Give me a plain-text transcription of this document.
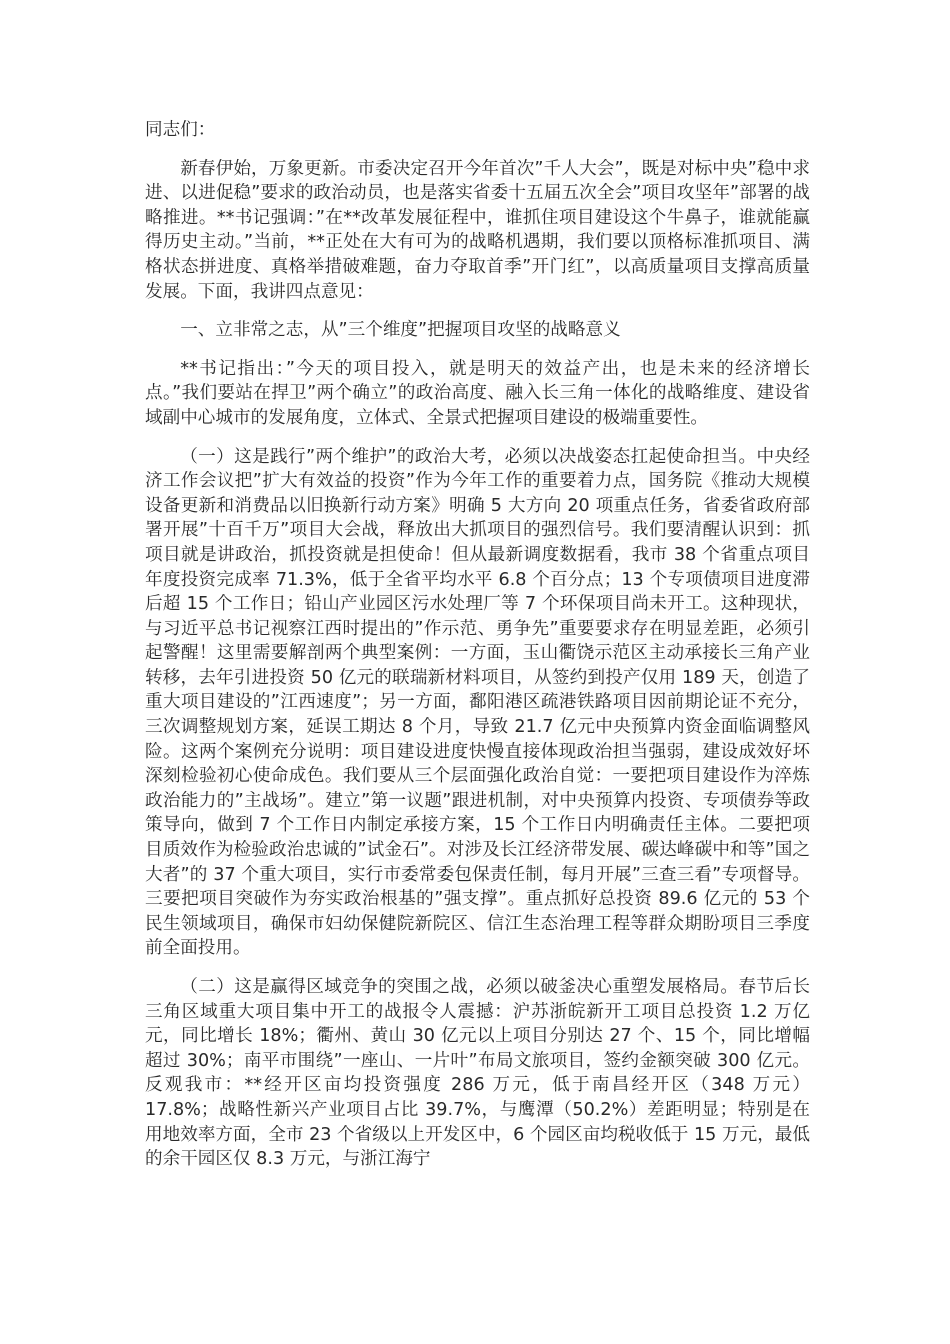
同志们：

新春伊始，万象更新。市委决定召开今年首次”千人大会”，既是对标中央”稳中求进、以进促稳”要求的政治动员，也是落实省委十五届五次全会”项目攻坚年”部署的战略推进。**书记强调：”在**改革发展征程中，谁抓住项目建设这个牛鼻子，谁就能赢得历史主动。”当前，**正处在大有可为的战略机遇期，我们要以顶格标准抓项目、满格状态拼进度、真格举措破难题，奋力夺取首季”开门红”，以高质量项目支撑高质量发展。下面，我讲四点意见：

一、立非常之志，从”三个维度”把握项目攻坚的战略意义

**书记指出：”今天的项目投入，就是明天的效益产出，也是未来的经济增长点。”我们要站在捍卫”两个确立”的政治高度、融入长三角一体化的战略维度、建设省域副中心城市的发展角度，立体式、全景式把握项目建设的极端重要性。

（一）这是践行”两个维护”的政治大考，必须以决战姿态扛起使命担当。中央经济工作会议把”扩大有效益的投资”作为今年工作的重要着力点，国务院《推动大规模设备更新和消费品以旧换新行动方案》明确 5 大方向 20 项重点任务，省委省政府部署开展”十百千万”项目大会战，释放出大抓项目的强烈信号。我们要清醒认识到：抓项目就是讲政治，抓投资就是担使命！但从最新调度数据看，我市 38 个省重点项目年度投资完成率 71.3%，低于全省平均水平 6.8 个百分点；13 个专项债项目进度滞后超 15 个工作日；铅山产业园区污水处理厂等 7 个环保项目尚未开工。这种现状，与习近平总书记视察江西时提出的”作示范、勇争先”重要要求存在明显差距，必须引起警醒！这里需要解剖两个典型案例：一方面，玉山衢饶示范区主动承接长三角产业转移，去年引进投资 50 亿元的联瑞新材料项目，从签约到投产仅用 189 天，创造了重大项目建设的”江西速度”；另一方面，鄱阳港区疏港铁路项目因前期论证不充分，三次调整规划方案，延误工期达 8 个月，导致 21.7 亿元中央预算内资金面临调整风险。这两个案例充分说明：项目建设进度快慢直接体现政治担当强弱，建设成效好坏深刻检验初心使命成色。我们要从三个层面强化政治自觉：一要把项目建设作为淬炼政治能力的”主战场”。建立”第一议题”跟进机制，对中央预算内投资、专项债券等政策导向，做到 7 个工作日内制定承接方案，15 个工作日内明确责任主体。二要把项目质效作为检验政治忠诚的”试金石”。对涉及长江经济带发展、碳达峰碳中和等”国之大者”的 37 个重大项目，实行市委常委包保责任制，每月开展”三查三看”专项督导。三要把项目突破作为夯实政治根基的”强支撑”。重点抓好总投资 89.6 亿元的 53 个民生领域项目，确保市妇幼保健院新院区、信江生态治理工程等群众期盼项目三季度前全面投用。

（二）这是赢得区域竞争的突围之战，必须以破釜决心重塑发展格局。春节后长三角区域重大项目集中开工的战报令人震撼：沪苏浙皖新开工项目总投资 1.2 万亿元，同比增长 18%；衢州、黄山 30 亿元以上项目分别达 27 个、15 个，同比增幅超过 30%；南平市围绕”一座山、一片叶”布局文旅项目，签约金额突破 300 亿元。反观我市：**经开区亩均投资强度 286 万元，低于南昌经开区（348 万元）17.8%；战略性新兴产业项目占比 39.7%，与鹰潭（50.2%）差距明显；特别是在用地效率方面，全市 23 个省级以上开发区中，6 个园区亩均税收低于 15 万元，最低的余干园区仅 8.3 万元，与浙江海宁
